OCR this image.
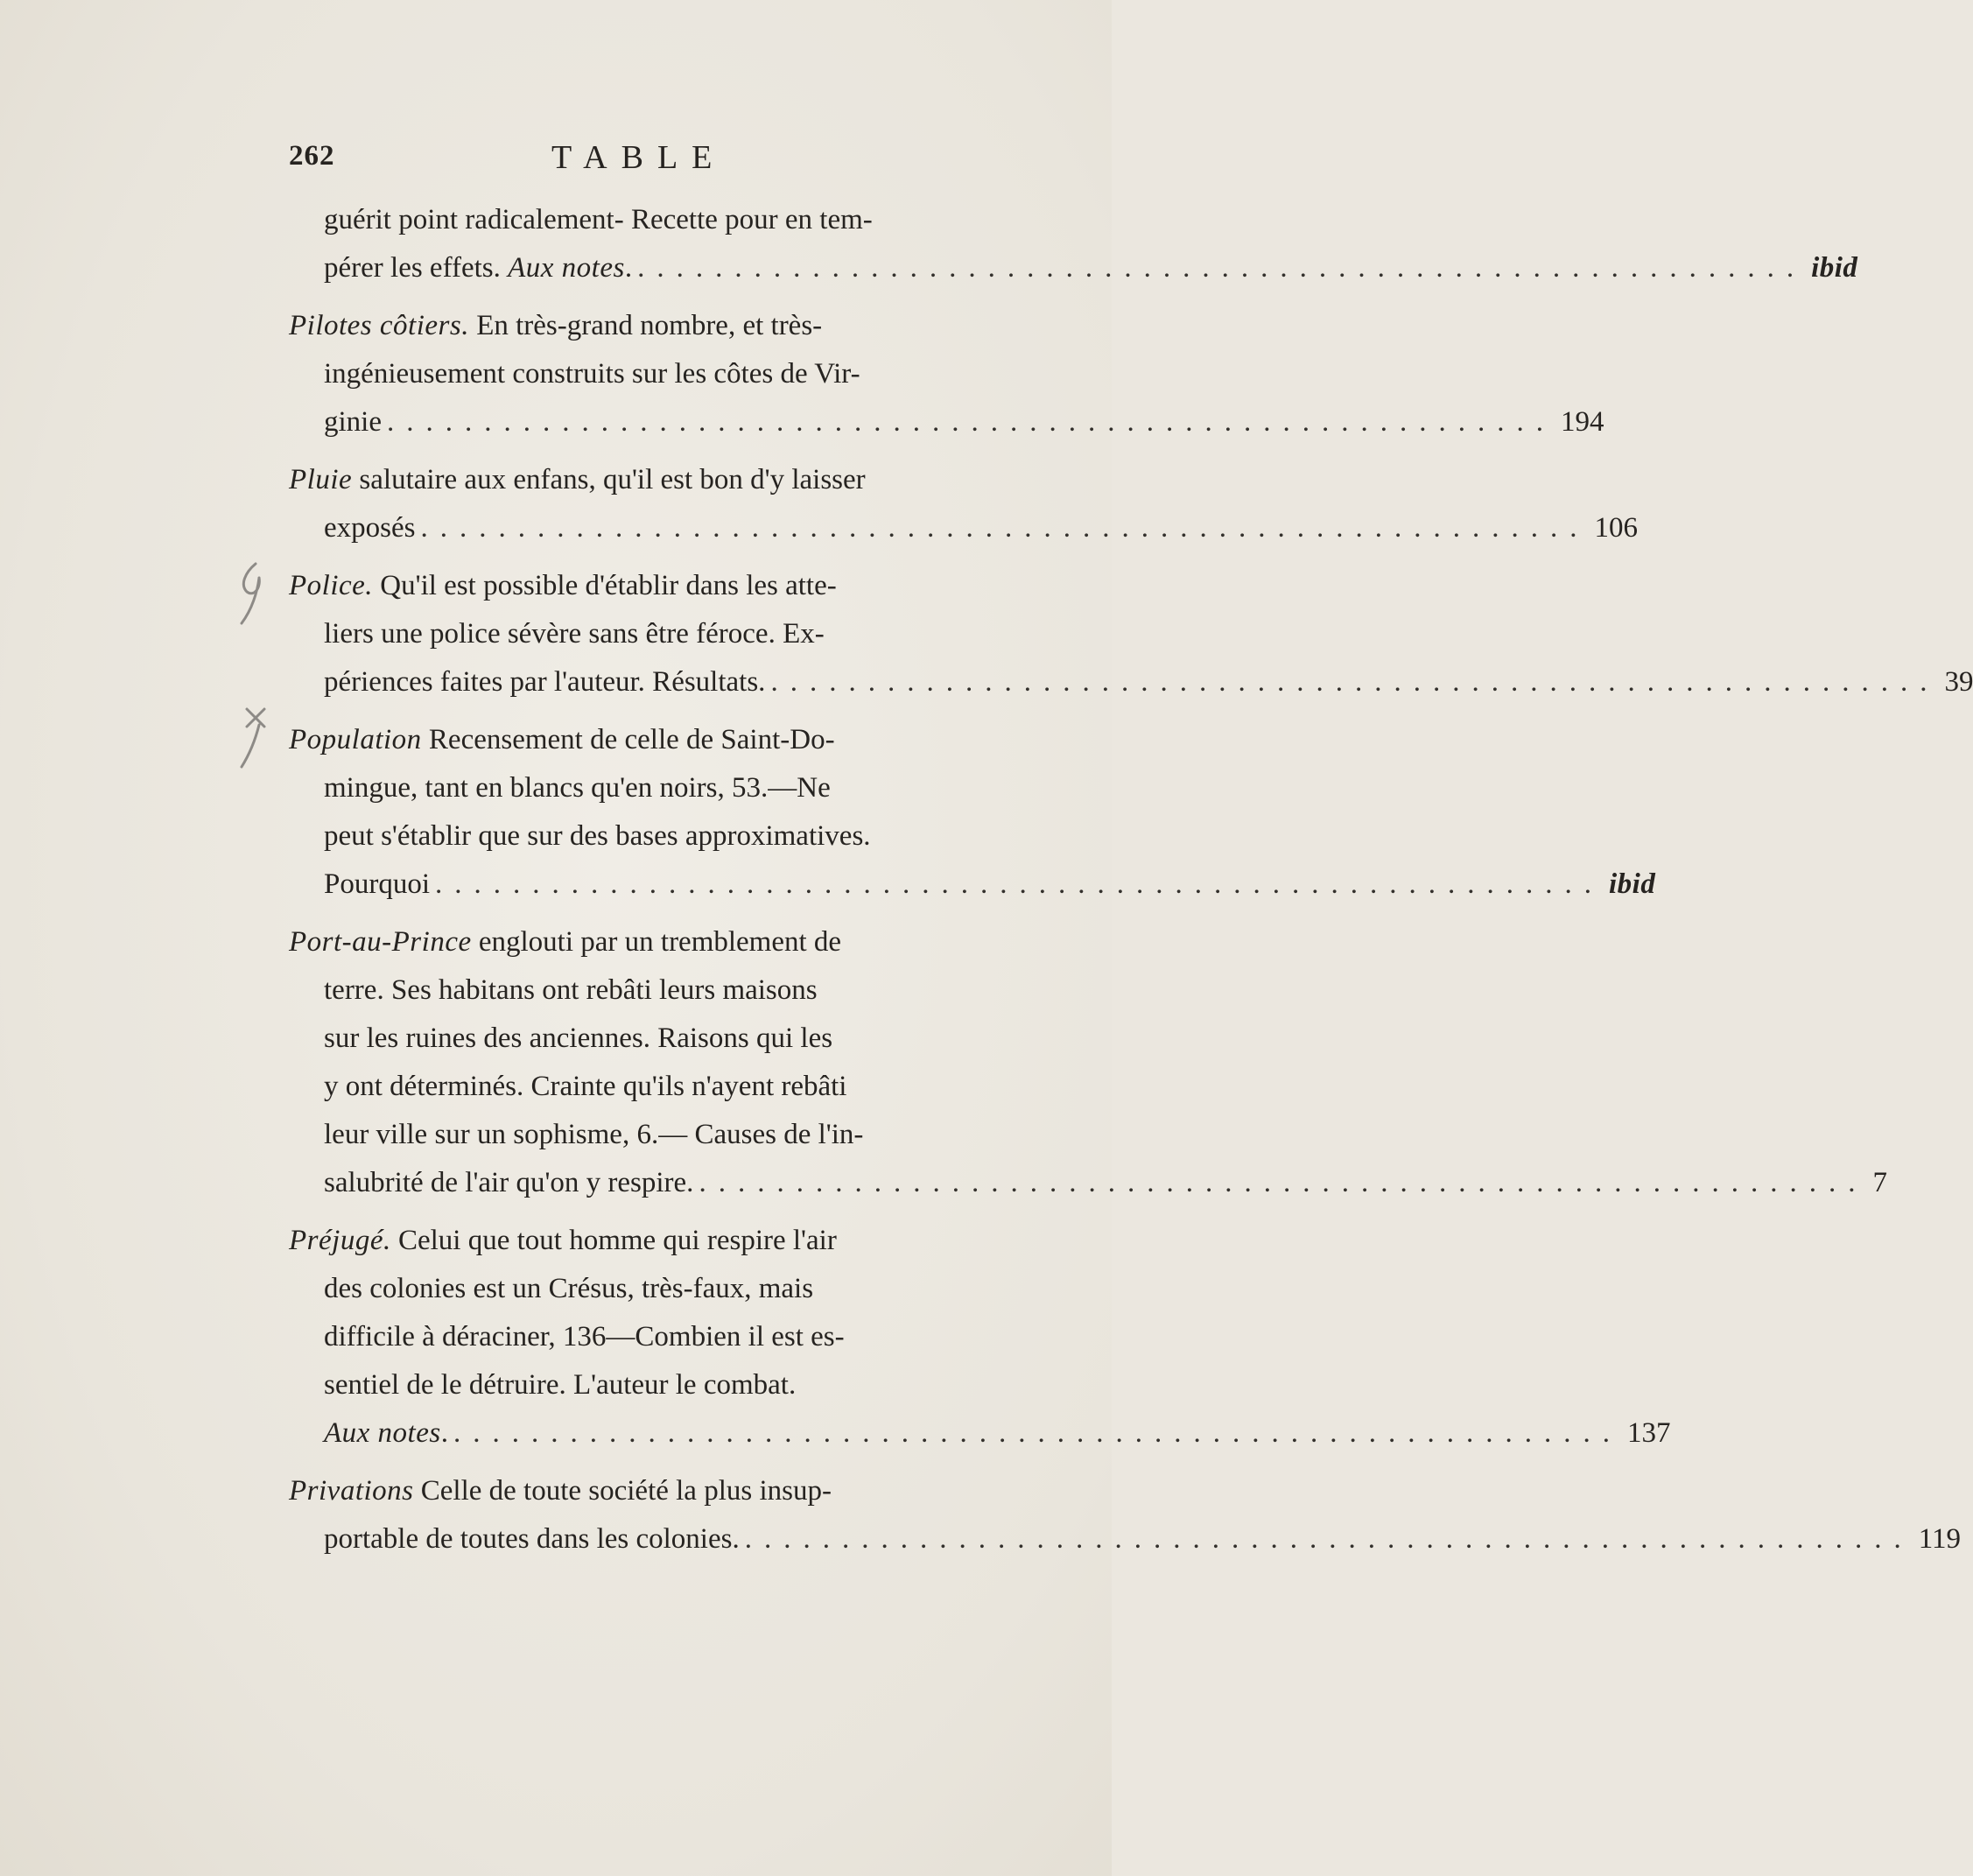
262	TABLE
guérit point radicalement- Recette pour en tem-
pérer les effets. Aux notes . ............................................................ ibid
Pilotes côtiers. En très-grand nombre, et très-
ingénieusement construits sur les côtes de Vir-
ginie ............................................................ 194
Pluie salutaire aux enfans, qu'il est bon d'y laisser
exposés ............................................................ 106
Police. Qu'il est possible d'établir dans les atte-
liers une police sévère sans être féroce. Ex-
périences faites par l'auteur. Résultats. ............................................................ 39
Population Recensement de celle de Saint-Do-
mingue, tant en blancs qu'en noirs, 53.—Ne
peut s'établir que sur des bases approximatives.
Pourquoi ............................................................ ibid
Port-au-Prince englouti par un tremblement de
terre. Ses habitans ont rebâti leurs maisons
sur les ruines des anciennes. Raisons qui les
y ont déterminés. Crainte qu'ils n'ayent rebâti
leur ville sur un sophisme, 6.— Causes de l'in-
salubrité de l'air qu'on y respire. ............................................................ 7
Préjugé. Celui que tout homme qui respire l'air
des colonies est un Crésus, très-faux, mais
difficile à déraciner, 136—Combien il est es-
sentiel de le détruire. L'auteur le combat.
Aux notes . ............................................................ 137
Privations Celle de toute société la plus insup-
portable de toutes dans les colonies. ............................................................ 119
